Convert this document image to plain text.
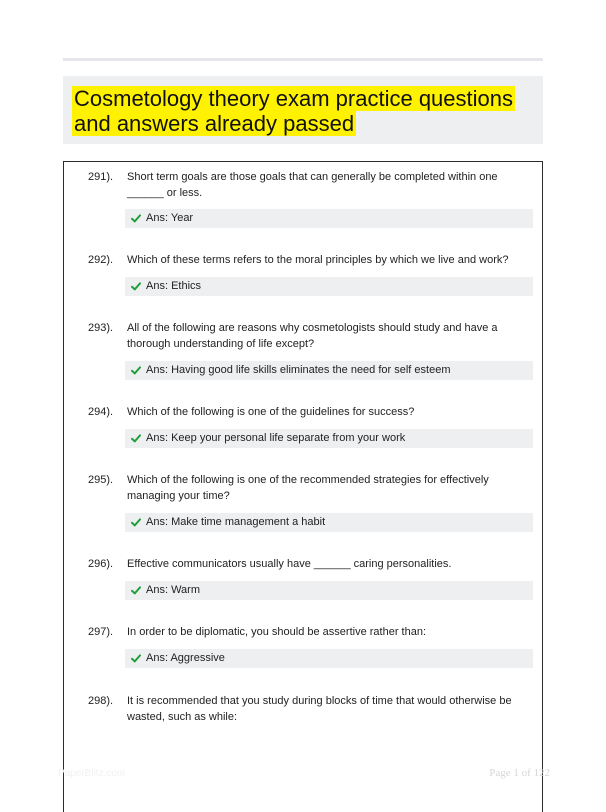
Cosmetology theory exam practice questions and answers already passed
291). Short term goals are those goals that can generally be completed within one ______ or less.
Ans: Year
292). Which of these terms refers to the moral principles by which we live and work?
Ans: Ethics
293). All of the following are reasons why cosmetologists should study and have a thorough understanding of life except?
Ans: Having good life skills eliminates the need for self esteem
294). Which of the following is one of the guidelines for success?
Ans: Keep your personal life separate from your work
295). Which of the following is one of the recommended strategies for effectively managing your time?
Ans: Make time management a habit
296). Effective communicators usually have ______ caring personalities.
Ans: Warm
297). In order to be diplomatic, you should be assertive rather than:
Ans: Aggressive
298). It is recommended that you study during blocks of time that would otherwise be wasted, such as while:
PaperBlitz.com	Page 1 of 122
